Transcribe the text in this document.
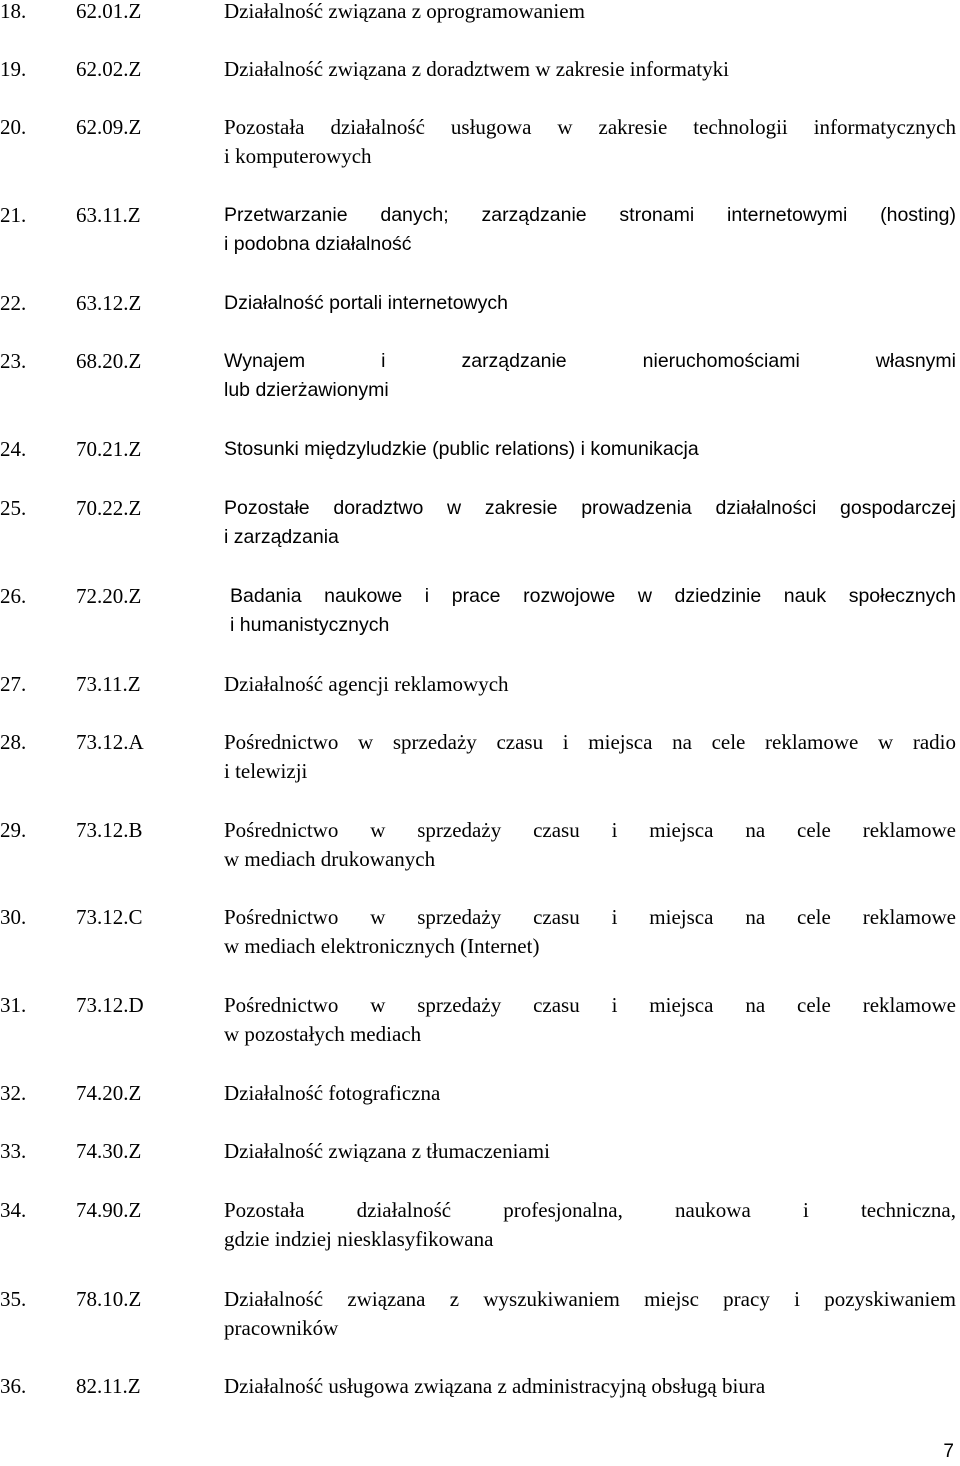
18. 62.01.Z	Działalność związana z oprogramowaniem
19. 62.02.Z	Działalność związana z doradztwem w zakresie informatyki
20. 62.09.Z	Pozostała działalność usługowa w zakresie technologii informatycznych
i komputerowych
21. 63.11.Z	Przetwarzanie danych; zarządzanie stronami internetowymi (hosting)
i podobna działalność
22. 63.12.Z	Działalność portali internetowych
23. 68.20.Z	Wynajem i zarządzanie nieruchomościami własnymi
lub dzierżawionymi
24. 70.21.Z	Stosunki międzyludzkie (public relations) i komunikacja
25. 70.22.Z	Pozostałe doradztwo w zakresie prowadzenia działalności gospodarczej
i zarządzania
26. 72.20.Z	Badania naukowe i prace rozwojowe w dziedzinie nauk społecznych
i humanistycznych
27. 73.11.Z	Działalność agencji reklamowych
28. 73.12.A	Pośrednictwo w sprzedaży czasu i miejsca na cele reklamowe w radio
i telewizji
29. 73.12.B	Pośrednictwo w sprzedaży czasu i miejsca na cele reklamowe
w mediach drukowanych
30. 73.12.C	Pośrednictwo w sprzedaży czasu i miejsca na cele reklamowe
w mediach elektronicznych (Internet)
31. 73.12.D	Pośrednictwo w sprzedaży czasu i miejsca na cele reklamowe
w pozostałych mediach
32. 74.20.Z	Działalność fotograficzna
33. 74.30.Z	Działalność związana z tłumaczeniami
34. 74.90.Z	Pozostała działalność profesjonalna, naukowa i techniczna,
gdzie indziej niesklasyfikowana
35. 78.10.Z	Działalność związana z wyszukiwaniem miejsc pracy i pozyskiwaniem
pracowników
36. 82.11.Z	Działalność usługowa związana z administracyjną obsługą biura
7
